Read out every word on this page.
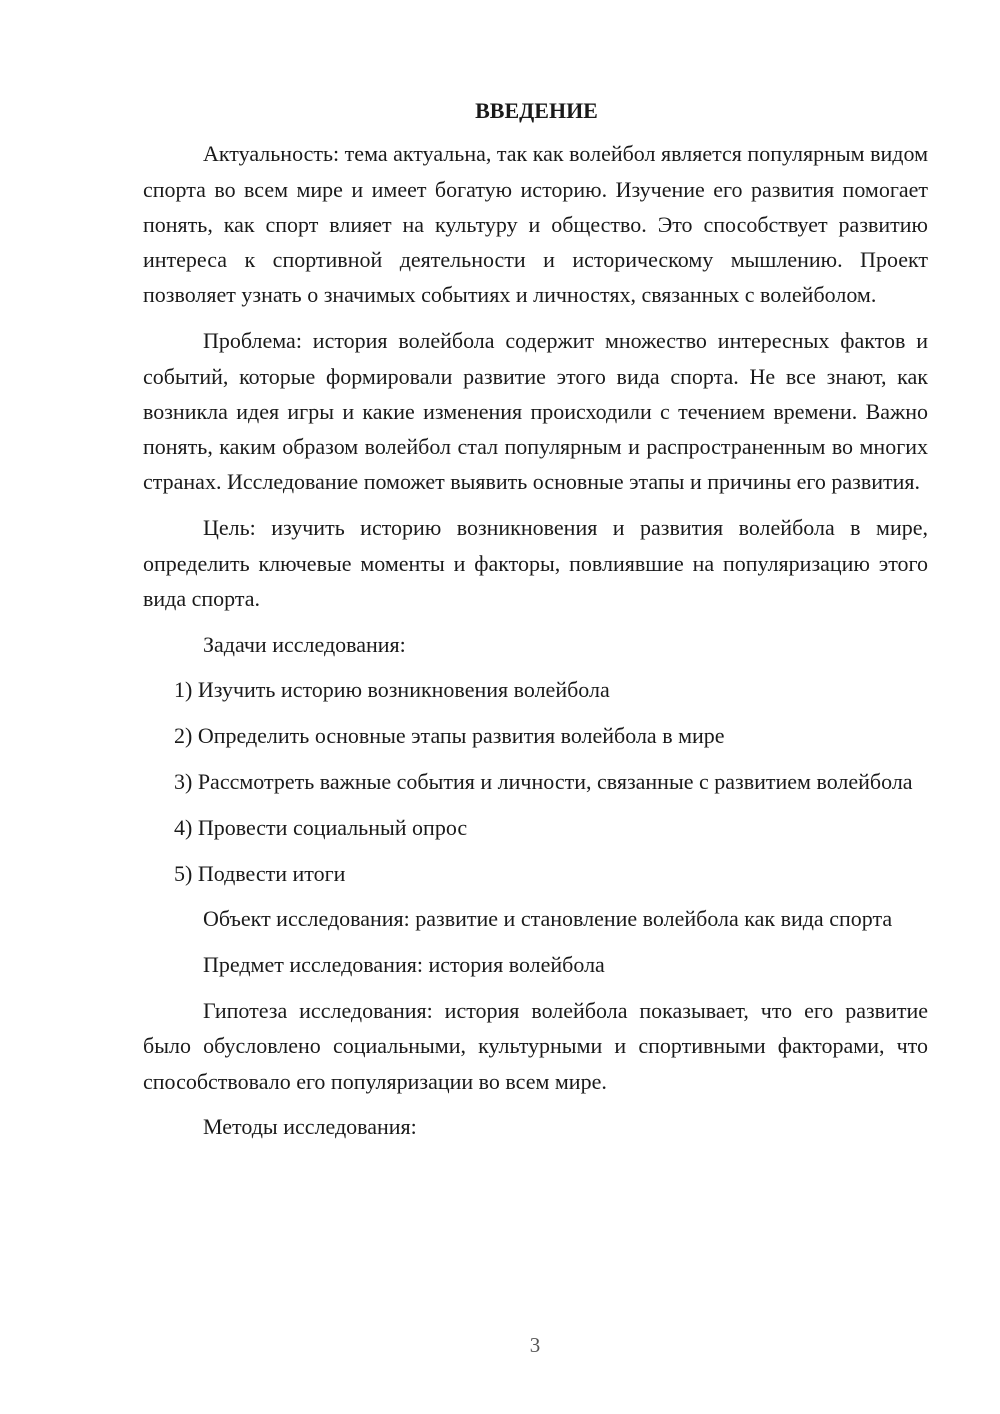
ВВЕДЕНИЕ

Актуальность: тема актуальна, так как волейбол является популярным видом спорта во всем мире и имеет богатую историю. Изучение его развития помогает понять, как спорт влияет на культуру и общество. Это способствует развитию интереса к спортивной деятельности и историческому мышлению. Проект позволяет узнать о значимых событиях и личностях, связанных с волейболом.

Проблема: история волейбола содержит множество интересных фактов и событий, которые формировали развитие этого вида спорта. Не все знают, как возникла идея игры и какие изменения происходили с течением времени. Важно понять, каким образом волейбол стал популярным и распространенным во многих странах. Исследование поможет выявить основные этапы и причины его развития.

Цель: изучить историю возникновения и развития волейбола в мире, определить ключевые моменты и факторы, повлиявшие на популяризацию этого вида спорта.

Задачи исследования:

1) Изучить историю возникновения волейбола

2) Определить основные этапы развития волейбола в мире

3) Рассмотреть важные события и личности, связанные с развитием волейбола

4) Провести социальный опрос

5) Подвести итоги

Объект исследования: развитие и становление волейбола как вида спорта

Предмет исследования: история волейбола

Гипотеза исследования: история волейбола показывает, что его развитие было обусловлено социальными, культурными и спортивными факторами, что способствовало его популяризации во всем мире.

Методы исследования:

3
